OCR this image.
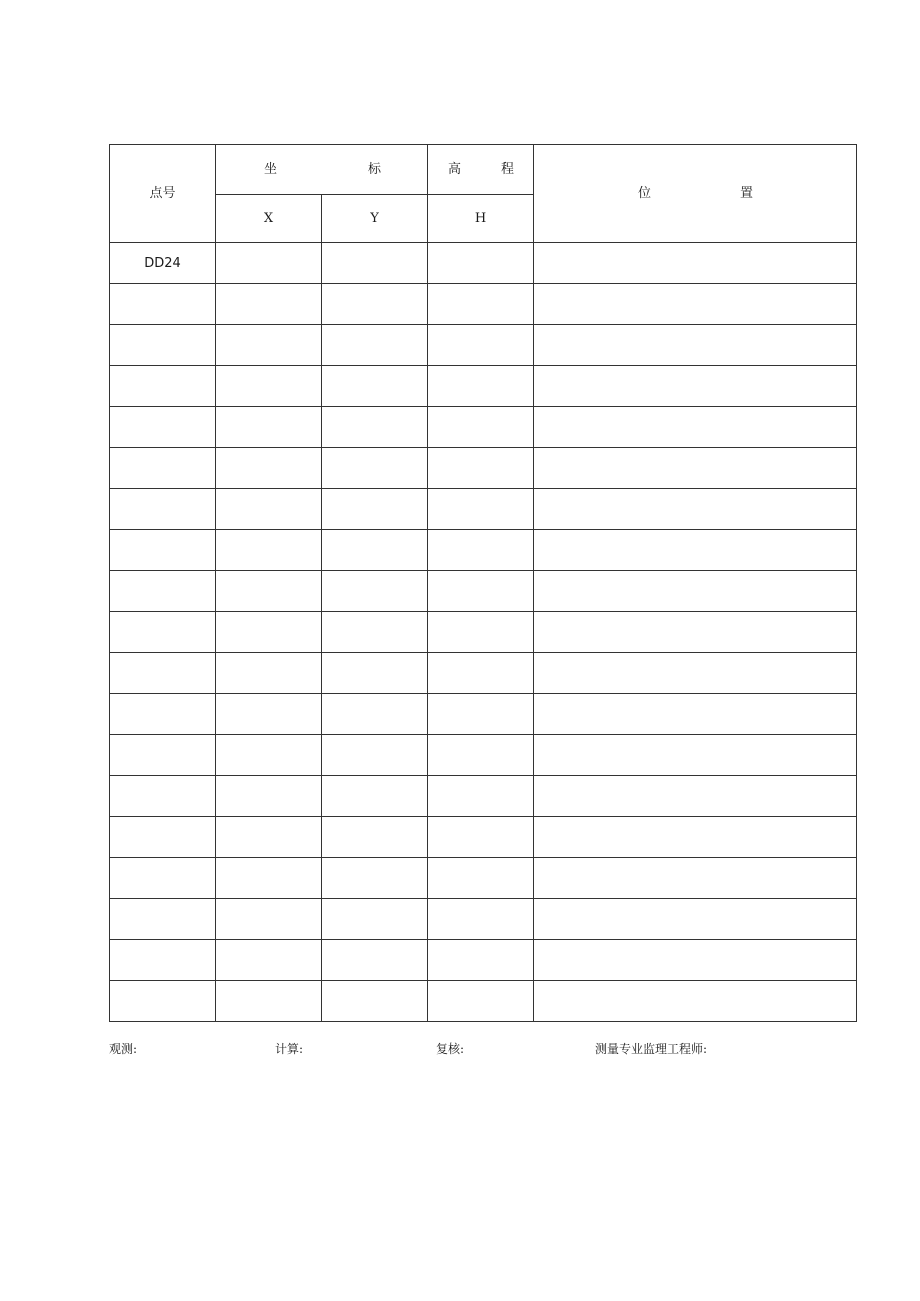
点号	坐 标		高 程	位 置

	X	Y	H	
DD24				

观测:	计算:	复核:	测量专业监理工程师:
